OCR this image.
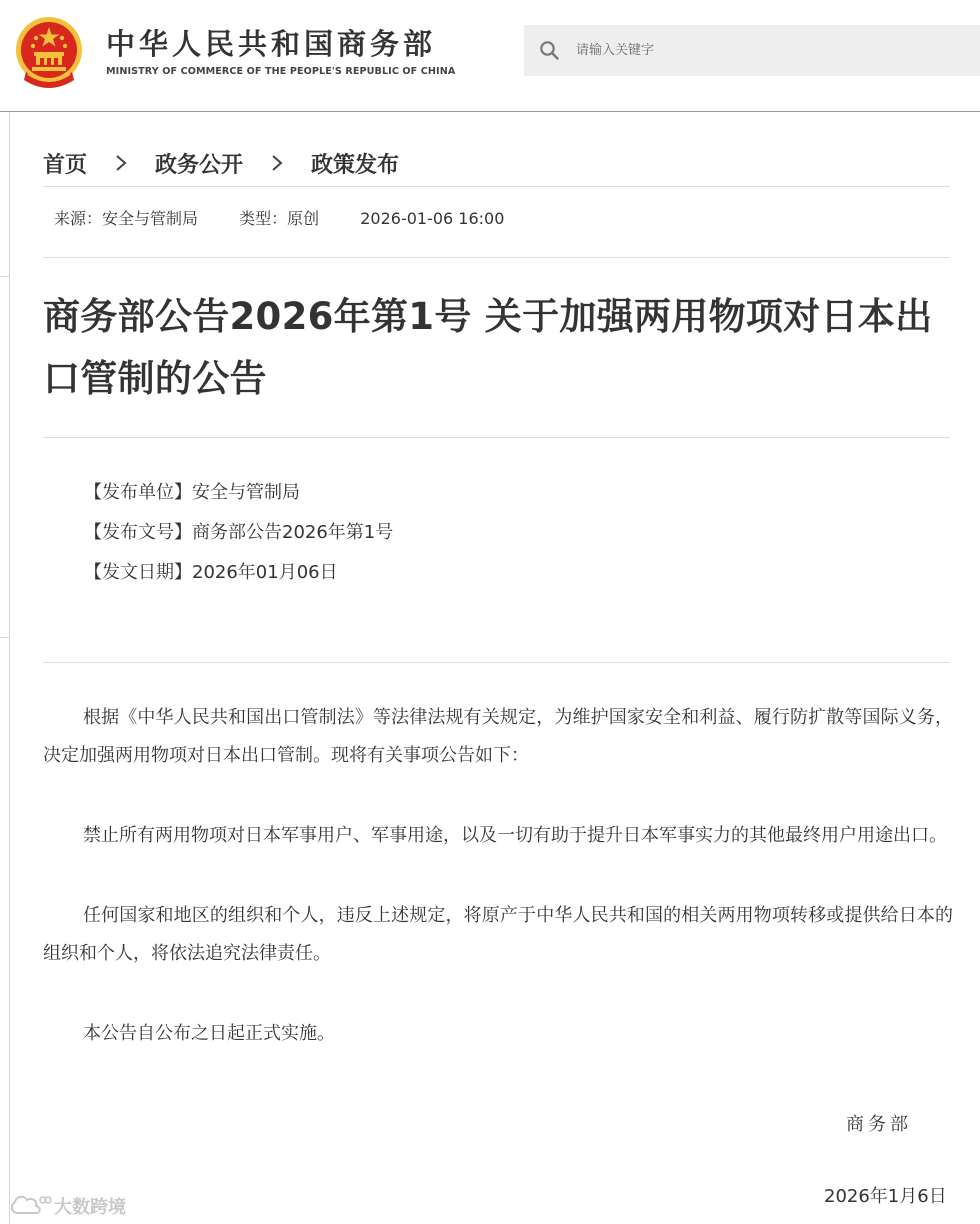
中华人民共和国商务部
MINISTRY OF COMMERCE OF THE PEOPLE'S REPUBLIC OF CHINA
请输入关键字
首页	政务公开	政策发布
来源：安全与管制局	类型：原创	2026-01-06 16:00
商务部公告2026年第1号 关于加强两用物项对日本出口管制的公告
【发布单位】安全与管制局
【发布文号】商务部公告2026年第1号
【发文日期】2026年01月06日

根据《中华人民共和国出口管制法》等法律法规有关规定，为维护国家安全和利益、履行防扩散等国际义务，决定加强两用物项对日本出口管制。现将有关事项公告如下：

禁止所有两用物项对日本军事用户、军事用途，以及一切有助于提升日本军事实力的其他最终用户用途出口。

任何国家和地区的组织和个人，违反上述规定，将原产于中华人民共和国的相关两用物项转移或提供给日本的组织和个人，将依法追究法律责任。

本公告自公布之日起正式实施。

商务部
2026年1月6日
大数跨境
